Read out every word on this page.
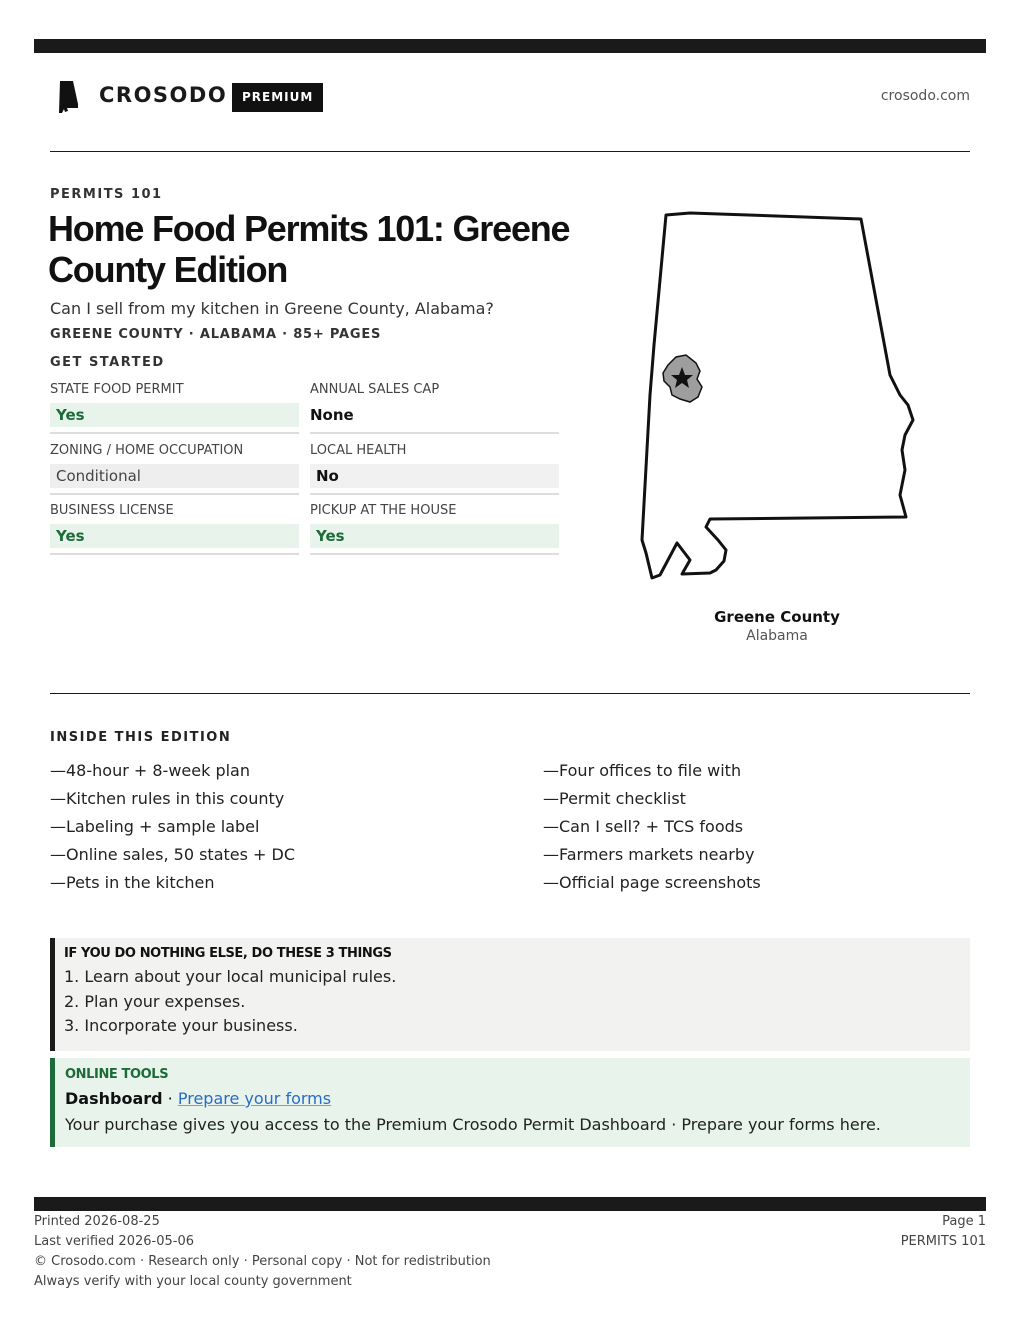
CROSODO	PREMIUM	crosodo.com
PERMITS 101
Home Food Permits 101: Greene
County Edition
Can I sell from my kitchen in Greene County, Alabama?
GREENE COUNTY · ALABAMA · 85+ PAGES
GET STARTED
STATE FOOD PERMIT
Yes
ANNUAL SALES CAP
None
ZONING / HOME OCCUPATION
Conditional
LOCAL HEALTH
No
BUSINESS LICENSE
Yes
PICKUP AT THE HOUSE
Yes
Greene County
Alabama
INSIDE THIS EDITION
—48-hour + 8-week plan
—Kitchen rules in this county
—Labeling + sample label
—Online sales, 50 states + DC
—Pets in the kitchen
—Four offices to file with
—Permit checklist
—Can I sell? + TCS foods
—Farmers markets nearby
—Official page screenshots
IF YOU DO NOTHING ELSE, DO THESE 3 THINGS
1. Learn about your local municipal rules.
2. Plan your expenses.
3. Incorporate your business.
ONLINE TOOLS
Dashboard · Prepare your forms
Your purchase gives you access to the Premium Crosodo Permit Dashboard · Prepare your forms here.
Printed 2026-08-25
Last verified 2026-05-06
© Crosodo.com · Research only · Personal copy · Not for redistribution
Always verify with your local county government
Page 1
PERMITS 101
